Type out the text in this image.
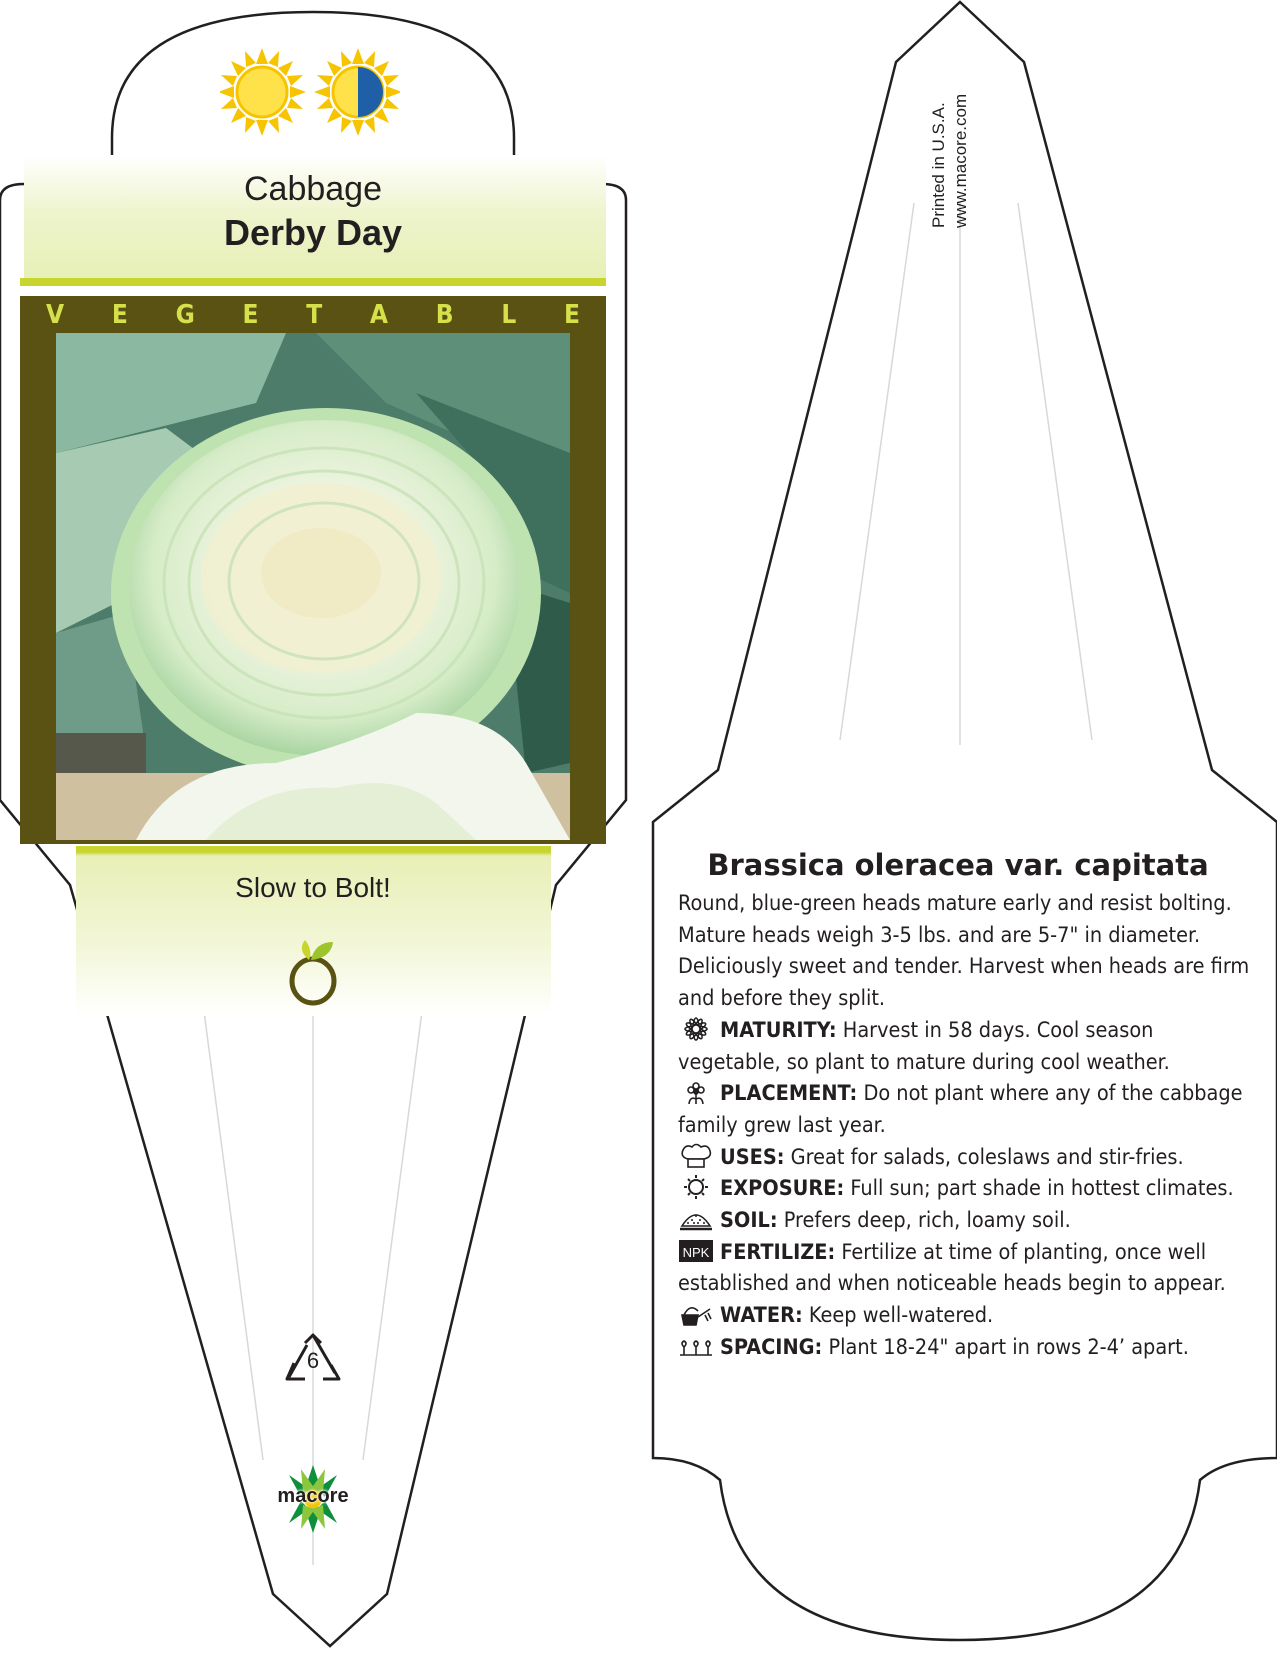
Cabbage
Derby Day
V E G E T A B L E
Slow to Bolt!
6
macore
Printed in U.S.A. www.macore.com
Brassica oleracea var. capitata

Round, blue-green heads mature early and resist bolting. Mature heads weigh 3-5 lbs. and are 5-7" in diameter. Deliciously sweet and tender. Harvest when heads are firm and before they split.

MATURITY: Harvest in 58 days. Cool season vegetable, so plant to mature during cool weather.

PLACEMENT: Do not plant where any of the cabbage family grew last year.

USES: Great for salads, coleslaws and stir-fries.

EXPOSURE: Full sun; part shade in hottest climates.

SOIL: Prefers deep, rich, loamy soil.

NPK FERTILIZE: Fertilize at time of planting, once well established and when noticeable heads begin to appear.

WATER: Keep well-watered.

SPACING: Plant 18-24" apart in rows 2-4’ apart.
